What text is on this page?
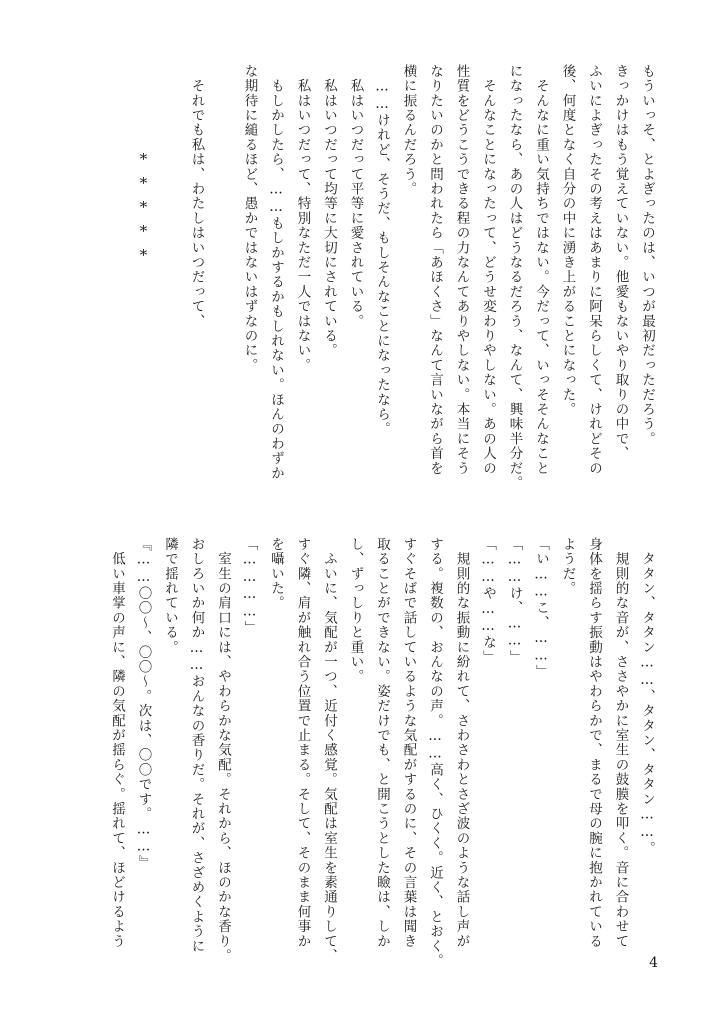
もういっそ、とよぎったのは、いつが最初だっただろう。
きっかけはもう覚えていない。他愛もないやり取りの中で、
ふいによぎったその考えはあまりに阿呆らしくて、けれどその
後、何度となく自分の中に湧き上がることになった。
　そんなに重い気持ちではない。今だって、いっそそんなこと
になったなら、あの人はどうなるだろう、なんて、興味半分だ。
　そんなことになったって、どうせ変わりやしない。あの人の
性質をどうこうできる程の力なんてありやしない。本当にそう
なりたいのかと問われたら「あほくさ」なんて言いながら首を
横に振るんだろう。
　……けれど、そうだ、もしそんなことになったなら。
　私はいつだって平等に愛されている。
　私はいつだって均等に大切にされている。
　私はいつだって、特別なただ一人ではない。
　もしかしたら、……もしかするかもしれない。ほんのわずか
な期待に縋るほど、愚かではないはずなのに。

　それでも私は、わたしはいつだって、

*****
　タタン、タタン……、タタン、タタン……。
　規則的な音が、ささやかに室生の鼓膜を叩く。音に合わせて
身体を揺らす振動はやわらかで、まるで母の腕に抱かれている
ようだ。
「い……こ、……」
「……け、……」
「……や……な」
　規則的な振動に紛れて、さわさわとさざ波のような話し声が
する。複数の、おんなの声。……高く、ひくく。近く、とおく。
すぐそばで話しているような気配がするのに、その言葉は聞き
取ることができない。姿だけでも、と開こうとした瞼は、しか
し、ずっしりと重い。
　ふいに、気配が一つ、近付く感覚。気配は室生を素通りして、
すぐ隣、肩が触れ合う位置で止まる。そして、そのまま何事か
を囁いた。
「…………」
　室生の肩口には、やわらかな気配。それから、ほのかな香り。
おしろいか何か……おんなの香りだ。それが、さざめくように
隣で揺れている。
『……〇〇～、〇〇～。次は、〇〇です。……』
　低い車掌の声に、隣の気配が揺らぐ。揺れて、ほどけるよう
4
